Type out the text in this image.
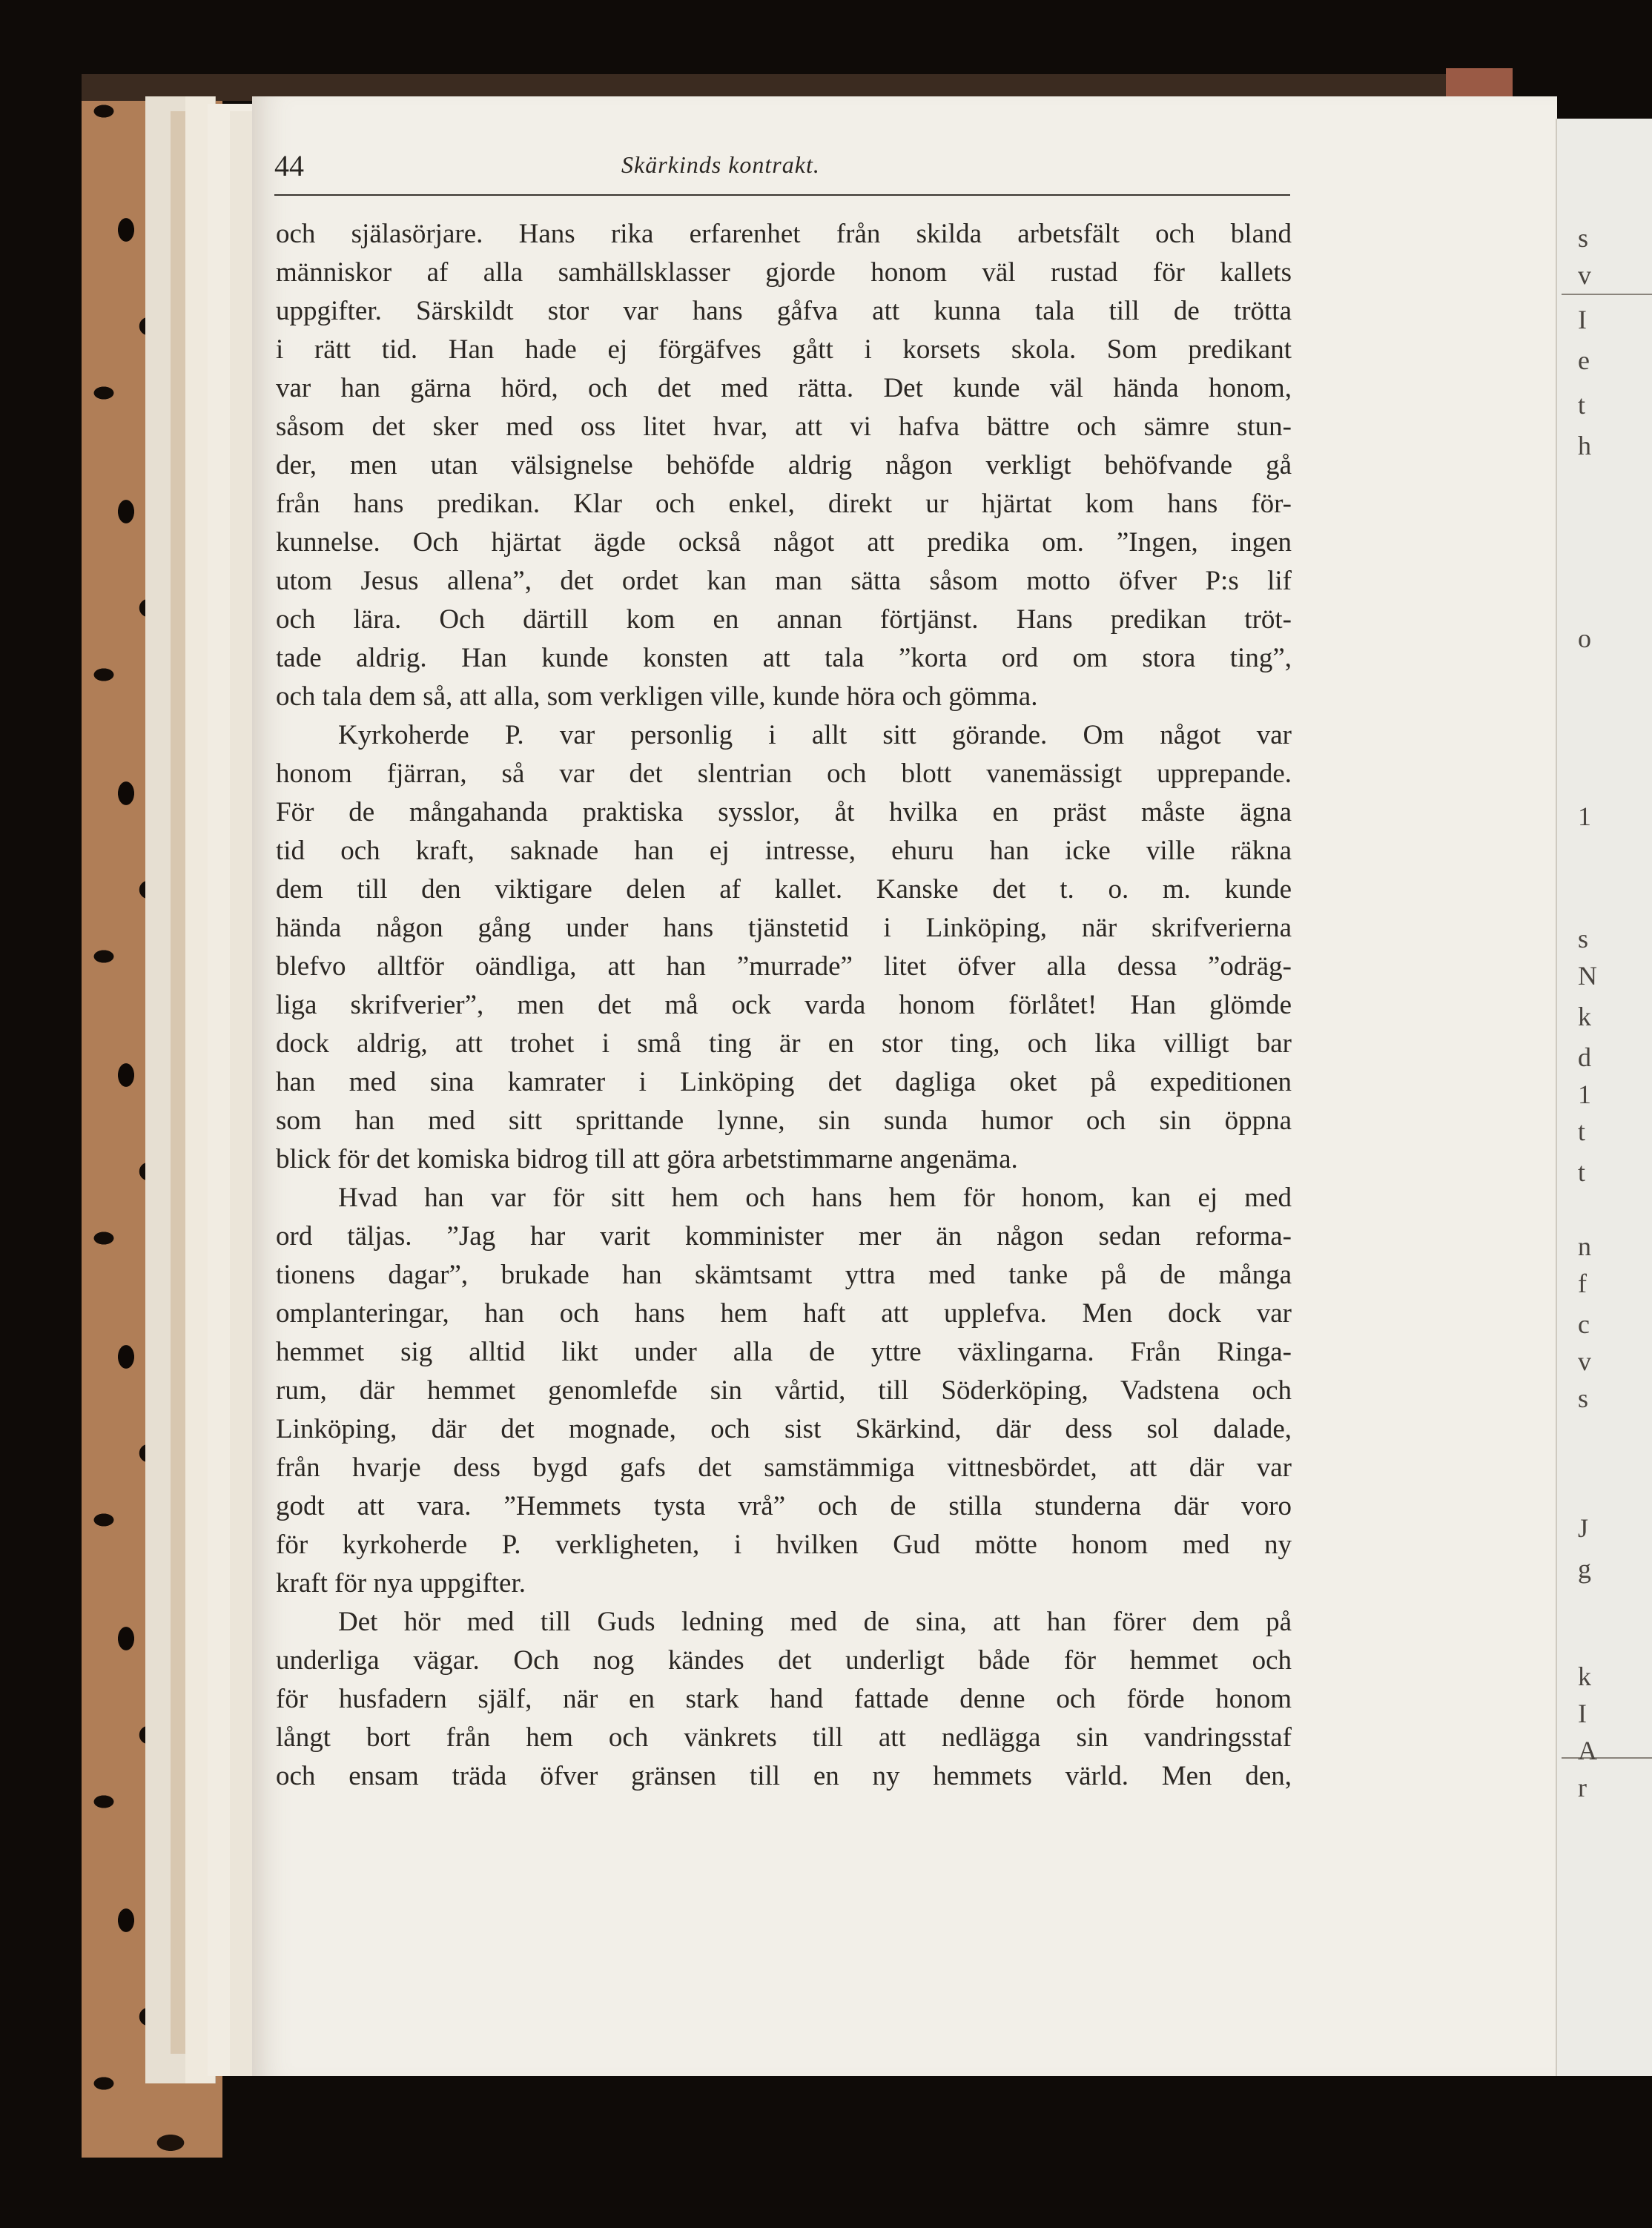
s
v
I
e
t
h
o
1
s
N
k
d
1
t
t
n
f
c
v
s
J
g
k
I
A
r
44	Skärkinds kontrakt.
och själasörjare. Hans rika erfarenhet från skilda arbetsfält och bland
människor af alla samhällsklasser gjorde honom väl rustad för kallets
uppgifter. Särskildt stor var hans gåfva att kunna tala till de trötta
i rätt tid. Han hade ej förgäfves gått i korsets skola. Som predikant
var han gärna hörd, och det med rätta. Det kunde väl hända honom,
såsom det sker med oss litet hvar, att vi hafva bättre och sämre stun-
der, men utan välsignelse behöfde aldrig någon verkligt behöfvande gå
från hans predikan. Klar och enkel, direkt ur hjärtat kom hans för-
kunnelse. Och hjärtat ägde också något att predika om. ”Ingen, ingen
utom Jesus allena”, det ordet kan man sätta såsom motto öfver P:s lif
och lära. Och därtill kom en annan förtjänst. Hans predikan tröt-
tade aldrig. Han kunde konsten att tala ”korta ord om stora ting”,
och tala dem så, att alla, som verkligen ville, kunde höra och gömma.
Kyrkoherde P. var personlig i allt sitt görande. Om något var
honom fjärran, så var det slentrian och blott vanemässigt upprepande.
För de mångahanda praktiska sysslor, åt hvilka en präst måste ägna
tid och kraft, saknade han ej intresse, ehuru han icke ville räkna
dem till den viktigare delen af kallet. Kanske det t. o. m. kunde
hända någon gång under hans tjänstetid i Linköping, när skrifverierna
blefvo alltför oändliga, att han ”murrade” litet öfver alla dessa ”odräg-
liga skrifverier”, men det må ock varda honom förlåtet! Han glömde
dock aldrig, att trohet i små ting är en stor ting, och lika villigt bar
han med sina kamrater i Linköping det dagliga oket på expeditionen
som han med sitt sprittande lynne, sin sunda humor och sin öppna
blick för det komiska bidrog till att göra arbetstimmarne angenäma.
Hvad han var för sitt hem och hans hem för honom, kan ej med
ord täljas. ”Jag har varit komminister mer än någon sedan reforma-
tionens dagar”, brukade han skämtsamt yttra med tanke på de många
omplanteringar, han och hans hem haft att upplefva. Men dock var
hemmet sig alltid likt under alla de yttre växlingarna. Från Ringa-
rum, där hemmet genomlefde sin vårtid, till Söderköping, Vadstena och
Linköping, där det mognade, och sist Skärkind, där dess sol dalade,
från hvarje dess bygd gafs det samstämmiga vittnesbördet, att där var
godt att vara. ”Hemmets tysta vrå” och de stilla stunderna där voro
för kyrkoherde P. verkligheten, i hvilken Gud mötte honom med ny
kraft för nya uppgifter.
Det hör med till Guds ledning med de sina, att han förer dem på
underliga vägar. Och nog kändes det underligt både för hemmet och
för husfadern själf, när en stark hand fattade denne och förde honom
långt bort från hem och vänkrets till att nedlägga sin vandringsstaf
och ensam träda öfver gränsen till en ny hemmets värld. Men den,
